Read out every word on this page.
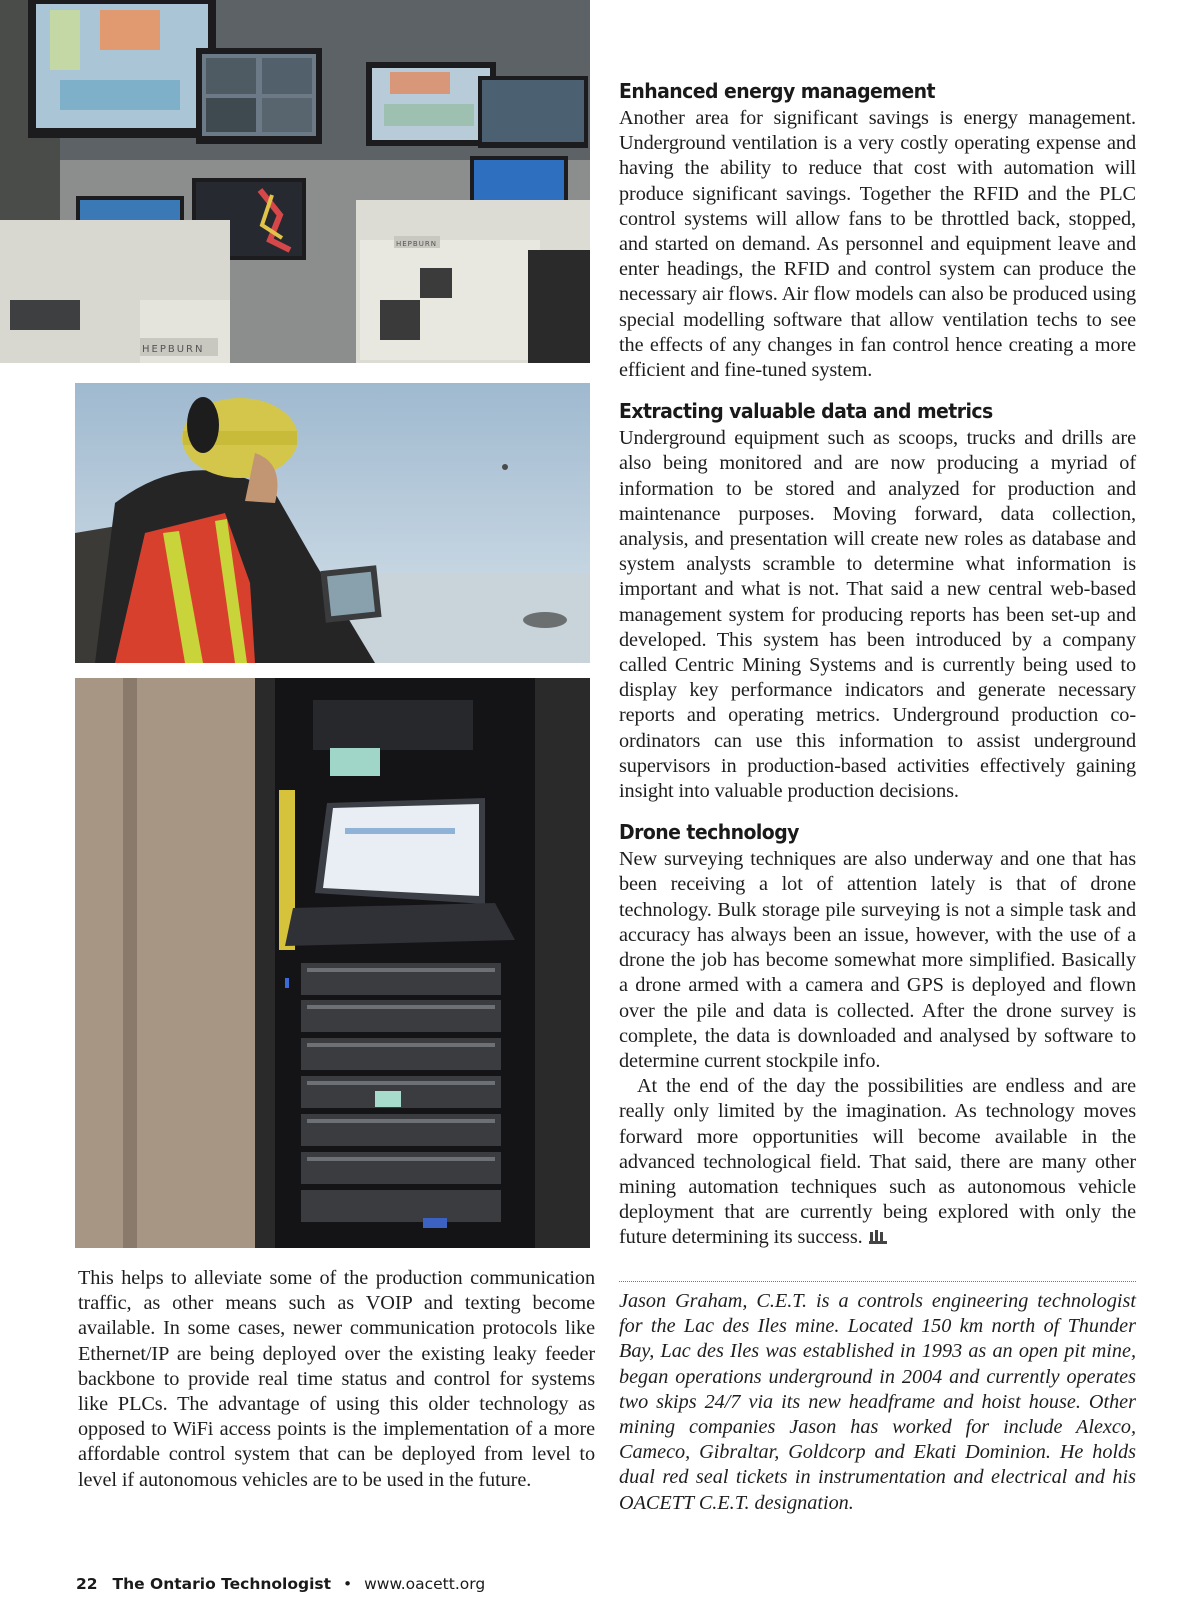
HEPBURN
HEPBURN
Enhanced energy management

Another area for significant savings is energy management. Underground ventilation is a very costly operating expense and having the ability to reduce that cost with automation will produce significant savings. Together the RFID and the PLC control systems will allow fans to be throttled back, stopped, and started on demand. As personnel and equipment leave and enter headings, the RFID and control system can produce the necessary air flows. Air flow models can also be produced using special modelling software that allow ventilation techs to see the effects of any changes in fan control hence creating a more efficient and fine-tuned system.

Extracting valuable data and metrics

Underground equipment such as scoops, trucks and drills are also being monitored and are now producing a myriad of information to be stored and analyzed for production and maintenance purposes. Moving forward, data collection, analysis, and presentation will create new roles as database and system analysts scramble to determine what information is important and what is not. That said a new central web-based management system for producing reports has been set-up and developed. This system has been introduced by a company called Centric Mining Systems and is currently being used to display key performance indicators and generate necessary reports and operating metrics. Underground production co-ordinators can use this information to assist underground supervisors in production-based activities effectively gaining insight into valuable production decisions.

Drone technology

New surveying techniques are also underway and one that has been receiving a lot of attention lately is that of drone technology. Bulk storage pile surveying is not a simple task and accuracy has always been an issue, however, with the use of a drone the job has become somewhat more simplified. Basically a drone armed with a camera and GPS is deployed and flown over the pile and data is collected. After the drone survey is complete, the data is downloaded and analysed by software to determine current stockpile info.

At the end of the day the possibilities are endless and are really only limited by the imagination. As technology moves forward more opportunities will become available in the advanced technological field. That said, there are many other mining automation techniques such as autonomous vehicle deployment that are currently being explored with only the future determining its success.

Jason Graham, C.E.T. is a controls engineering technologist for the Lac des Iles mine. Located 150 km north of Thunder Bay, Lac des Iles was established in 1993 as an open pit mine, began operations underground in 2004 and currently operates two skips 24/7 via its new headframe and hoist house. Other mining companies Jason has worked for include Alexco, Cameco, Gibraltar, Goldcorp and Ekati Dominion. He holds dual red seal tickets in instrumentation and electrical and his OACETT C.E.T. designation.

This helps to alleviate some of the production communication traffic, as other means such as VOIP and texting become available. In some cases, newer communication protocols like Ethernet/IP are being deployed over the existing leaky feeder backbone to provide real time status and control for systems like PLCs. The advantage of using this older technology as opposed to WiFi access points is the implementation of a more affordable control system that can be deployed from level to level if autonomous vehicles are to be used in the future.

22 The Ontario Technologist • www.oacett.org
